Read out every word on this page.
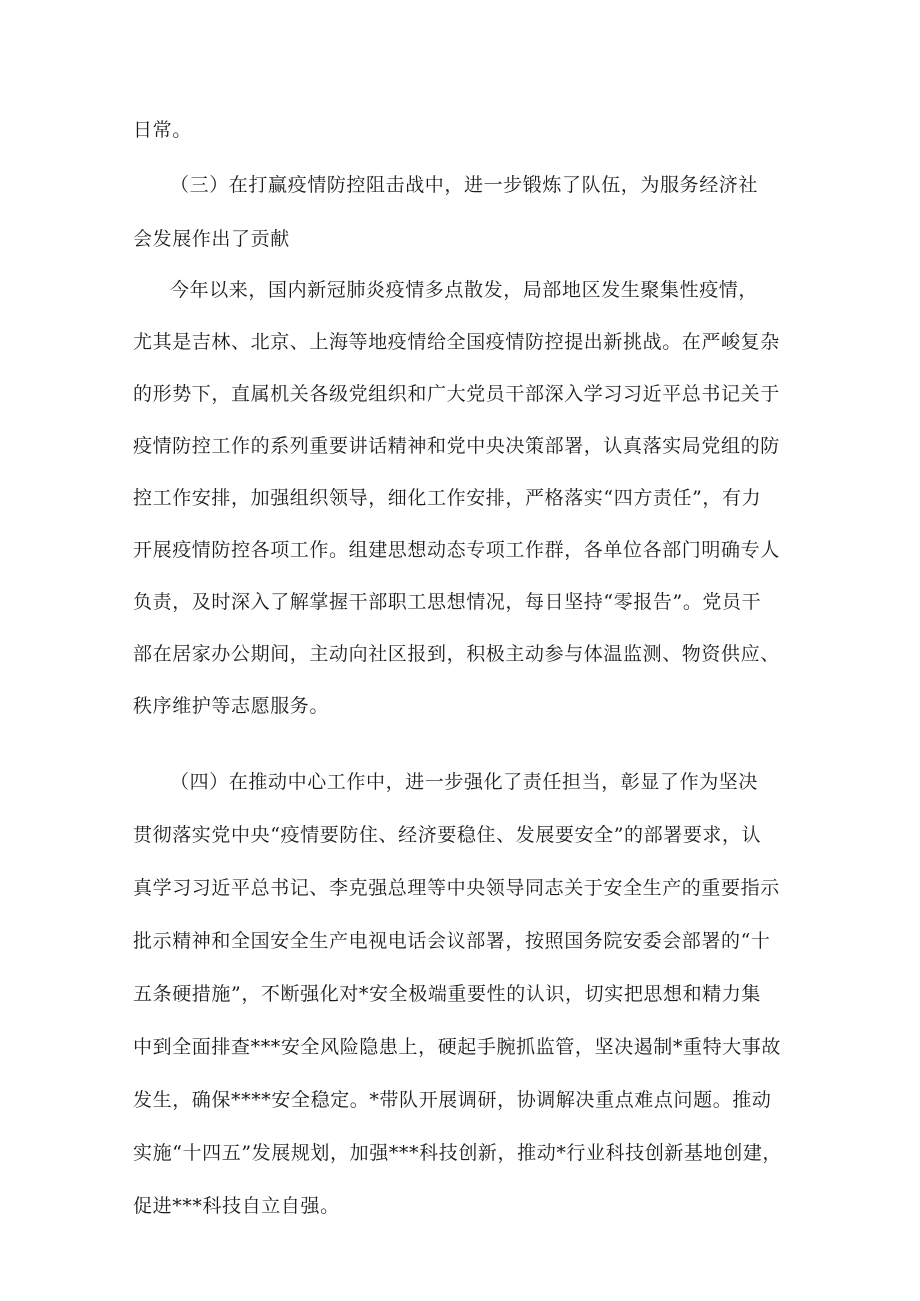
日常。
（三）在打赢疫情防控阻击战中，进一步锻炼了队伍，为服务经济社
会发展作出了贡献
今年以来，国内新冠肺炎疫情多点散发，局部地区发生聚集性疫情，
尤其是吉林、北京、上海等地疫情给全国疫情防控提出新挑战。在严峻复杂
的形势下，直属机关各级党组织和广大党员干部深入学习习近平总书记关于
疫情防控工作的系列重要讲话精神和党中央决策部署，认真落实局党组的防
控工作安排，加强组织领导，细化工作安排，严格落实“四方责任”，有力
开展疫情防控各项工作。组建思想动态专项工作群，各单位各部门明确专人
负责，及时深入了解掌握干部职工思想情况，每日坚持“零报告”。党员干
部在居家办公期间，主动向社区报到，积极主动参与体温监测、物资供应、
秩序维护等志愿服务。
（四）在推动中心工作中，进一步强化了责任担当，彰显了作为坚决
贯彻落实党中央“疫情要防住、经济要稳住、发展要安全”的部署要求，认
真学习习近平总书记、李克强总理等中央领导同志关于安全生产的重要指示
批示精神和全国安全生产电视电话会议部署，按照国务院安委会部署的“十
五条硬措施”，不断强化对*安全极端重要性的认识，切实把思想和精力集
中到全面排查***安全风险隐患上，硬起手腕抓监管，坚决遏制*重特大事故
发生，确保****安全稳定。*带队开展调研，协调解决重点难点问题。推动
实施“十四五”发展规划，加强***科技创新，推动*行业科技创新基地创建，
促进***科技自立自强。
